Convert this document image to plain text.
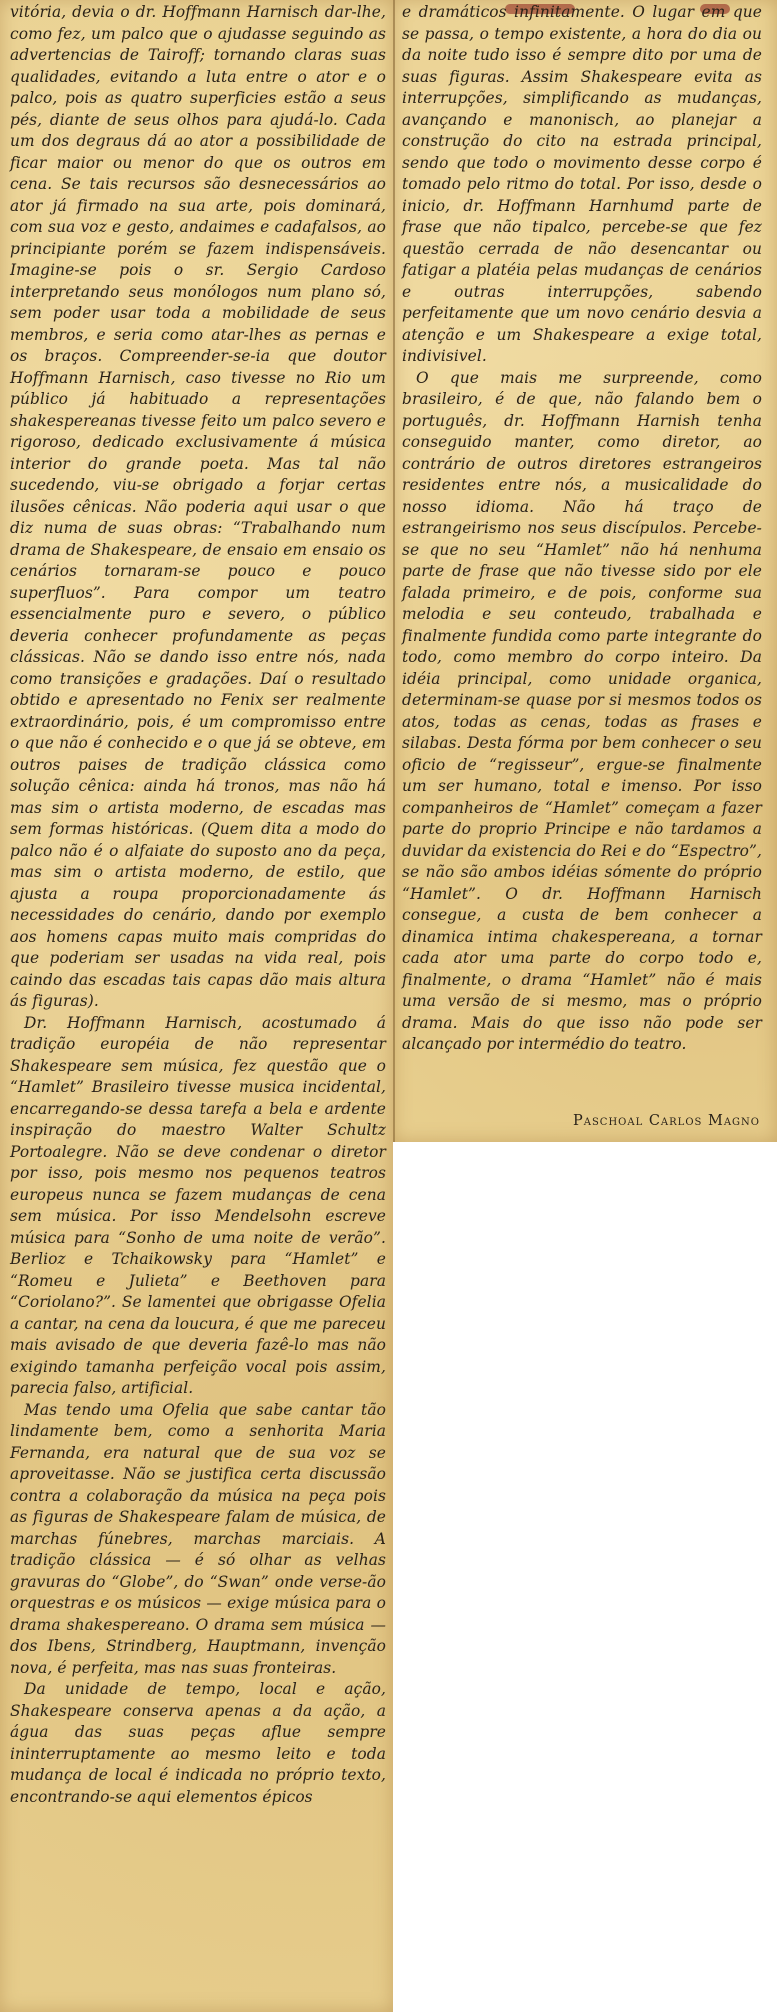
vitória, devia o dr. Hoffmann Harnisch dar-lhe, como fez, um palco que o ajudasse seguindo as advertencias de Tairoff; tornando claras suas qualidades, evitando a luta entre o ator e o palco, pois as quatro superficies estão a seus pés, diante de seus olhos para ajudá-lo. Cada um dos degraus dá ao ator a possibilidade de ficar maior ou menor do que os outros em cena. Se tais recursos são desnecessários ao ator já firmado na sua arte, pois dominará, com sua voz e gesto, andaimes e cadafalsos, ao principiante porém se fazem indispensáveis. Imagine-se pois o sr. Sergio Cardoso interpretando seus monólogos num plano só, sem poder usar toda a mobilidade de seus membros, e seria como atar-lhes as pernas e os braços. Compreender-se-ia que doutor Hoffmann Harnisch, caso tivesse no Rio um público já habituado a representações shakespereanas tivesse feito um palco severo e rigoroso, dedicado exclusivamente á música interior do grande poeta. Mas tal não sucedendo, viu-se obrigado a forjar certas ilusões cênicas. Não poderia aqui usar o que diz numa de suas obras: “Trabalhando num drama de Shakespeare, de ensaio em ensaio os cenários tornaram-se pouco e pouco superfluos”. Para compor um teatro essencialmente puro e severo, o público deveria conhecer profundamente as peças clássicas. Não se dando isso entre nós, nada como transições e gradações. Daí o resultado obtido e apresentado no Fenix ser realmente extraordinário, pois, é um compromisso entre o que não é conhecido e o que já se obteve, em outros paises de tradição clássica como solução cênica: ainda há tronos, mas não há mas sim o artista moderno, de escadas mas sem formas históricas. (Quem dita a modo do palco não é o alfaiate do suposto ano da peça, mas sim o artista moderno, de estilo, que ajusta a roupa proporcionadamente ás necessidades do cenário, dando por exemplo aos homens capas muito mais compridas do que poderiam ser usadas na vida real, pois caindo das escadas tais capas dão mais altura ás figuras).

Dr. Hoffmann Harnisch, acostumado á tradição européia de não representar Shakespeare sem música, fez questão que o “Hamlet” Brasileiro tivesse musica incidental, encarregando-se dessa tarefa a bela e ardente inspiração do maestro Walter Schultz Portoalegre. Não se deve condenar o diretor por isso, pois mesmo nos pequenos teatros europeus nunca se fazem mudanças de cena sem música. Por isso Mendelsohn escreve música para “Sonho de uma noite de verão”. Berlioz e Tchaikowsky para “Hamlet” e “Romeu e Julieta” e Beethoven para “Coriolano?”. Se lamentei que obrigasse Ofelia a cantar, na cena da loucura, é que me pareceu mais avisado de que deveria fazê-lo mas não exigindo tamanha perfeição vocal pois assim, parecia falso, artificial.

Mas tendo uma Ofelia que sabe cantar tão lindamente bem, como a senhorita Maria Fernanda, era natural que de sua voz se aproveitasse. Não se justifica certa discussão contra a colaboração da música na peça pois as figuras de Shakespeare falam de música, de marchas fúnebres, marchas marciais. A tradição clássica — é só olhar as velhas gravuras do “Globe”, do “Swan” onde verse-ão orquestras e os músicos — exige música para o drama shakespereano. O drama sem música — dos Ibens, Strindberg, Hauptmann, invenção nova, é perfeita, mas nas suas fronteiras.

Da unidade de tempo, local e ação, Shakespeare conserva apenas a da ação, a água das suas peças aflue sempre ininterruptamente ao mesmo leito e toda mudança de local é indicada no próprio texto, encontrando-se aqui elementos épicos

e dramáticos infinitamente. O lugar em que se passa, o tempo existente, a hora do dia ou da noite tudo isso é sempre dito por uma de suas figuras. Assim Shakespeare evita as interrupções, simplificando as mudanças, avançando e manonisch, ao planejar a construção do cito na estrada principal, sendo que todo o movimento desse corpo é tomado pelo ritmo do total. Por isso, desde o inicio, dr. Hoffmann Harnhumd parte de frase que não tipalco, percebe-se que fez questão cerrada de não desencantar ou fatigar a platéia pelas mudanças de cenários e outras interrupções, sabendo perfeitamente que um novo cenário desvia a atenção e um Shakespeare a exige total, indivisivel.

O que mais me surpreende, como brasileiro, é de que, não falando bem o português, dr. Hoffmann Harnish tenha conseguido manter, como diretor, ao contrário de outros diretores estrangeiros residentes entre nós, a musicalidade do nosso idioma. Não há traço de estrangeirismo nos seus discípulos. Percebe-se que no seu “Hamlet” não há nenhuma parte de frase que não tivesse sido por ele falada primeiro, e de pois, conforme sua melodia e seu conteudo, trabalhada e finalmente fundida como parte integrante do todo, como membro do corpo inteiro. Da idéia principal, como unidade organica, determinam-se quase por si mesmos todos os atos, todas as cenas, todas as frases e silabas. Desta fórma por bem conhecer o seu oficio de “regisseur”, ergue-se finalmente um ser humano, total e imenso. Por isso companheiros de “Hamlet” começam a fazer parte do proprio Principe e não tardamos a duvidar da existencia do Rei e do “Espectro”, se não são ambos idéias sómente do próprio “Hamlet”. O dr. Hoffmann Harnisch consegue, a custa de bem conhecer a dinamica intima chakespereana, a tornar cada ator uma parte do corpo todo e, finalmente, o drama “Hamlet” não é mais uma versão de si mesmo, mas o próprio drama. Mais do que isso não pode ser alcançado por intermédio do teatro.

Paschoal Carlos Magno
